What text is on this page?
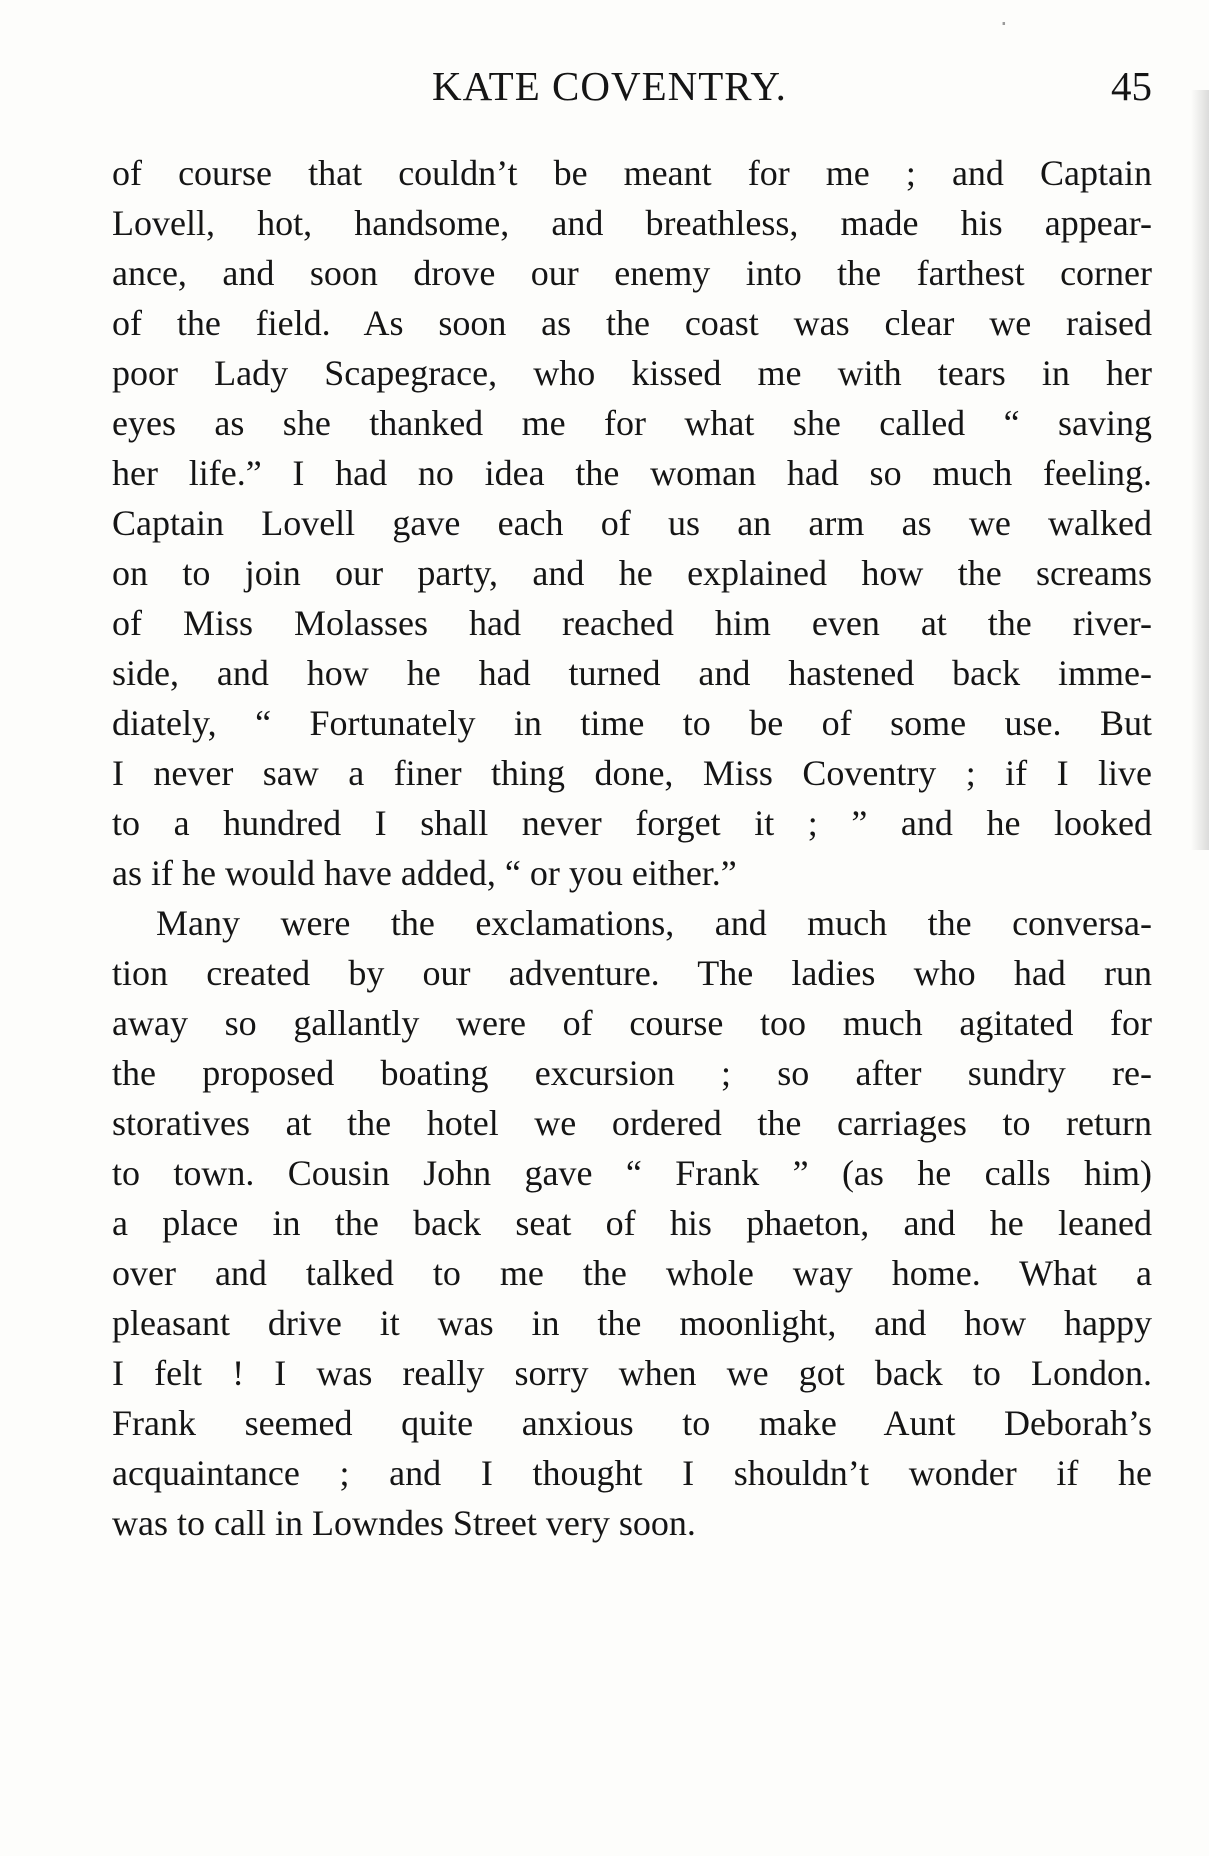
·
KATE COVENTRY.	45
of course that couldn’t be meant for me ; and Captain
Lovell, hot, handsome, and breathless, made his appear-
ance, and soon drove our enemy into the farthest corner
of the field. As soon as the coast was clear we raised
poor Lady Scapegrace, who kissed me with tears in her
eyes as she thanked me for what she called “ saving
her life.” I had no idea the woman had so much feeling.
Captain Lovell gave each of us an arm as we walked
on to join our party, and he explained how the screams
of Miss Molasses had reached him even at the river-
side, and how he had turned and hastened back imme-
diately, “ Fortunately in time to be of some use. But
I never saw a finer thing done, Miss Coventry ; if I live
to a hundred I shall never forget it ; ” and he looked
as if he would have added, “ or you either.”
Many were the exclamations, and much the conversa-
tion created by our adventure. The ladies who had run
away so gallantly were of course too much agitated for
the proposed boating excursion ; so after sundry re-
storatives at the hotel we ordered the carriages to return
to town. Cousin John gave “ Frank ” (as he calls him)
a place in the back seat of his phaeton, and he leaned
over and talked to me the whole way home. What a
pleasant drive it was in the moonlight, and how happy
I felt ! I was really sorry when we got back to London.
Frank seemed quite anxious to make Aunt Deborah’s
acquaintance ; and I thought I shouldn’t wonder if he
was to call in Lowndes Street very soon.
